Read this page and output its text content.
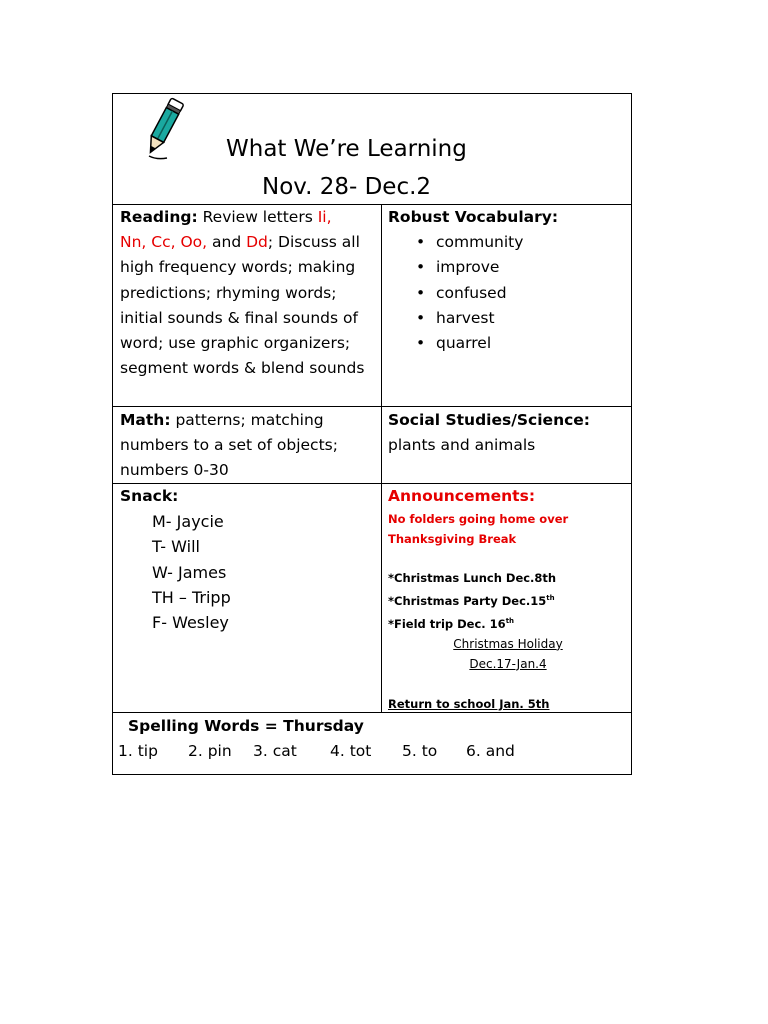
What We’re Learning
Nov. 28- Dec.2
Reading: Review letters Ii,
Nn, Cc, Oo, and Dd; Discuss all high frequency words; making predictions; rhyming words; initial sounds & final sounds of word; use graphic organizers; segment words & blend sounds
Robust Vocabulary:
• community
• improve
• confused
• harvest
• quarrel
Math: patterns; matching numbers to a set of objects; numbers 0-30
Social Studies/Science:
plants and animals
Snack:
M- Jaycie
T- Will
W- James
TH – Tripp
F- Wesley
Announcements:
No folders going home over
Thanksgiving Break
*Christmas Lunch Dec.8th
*Christmas Party Dec.15th
*Field trip Dec. 16th
Christmas Holiday
Dec.17-Jan.4
Return to school Jan. 5th
Spelling Words = Thursday
1. tip 2. pin 3. cat 4. tot 5. to 6. and
